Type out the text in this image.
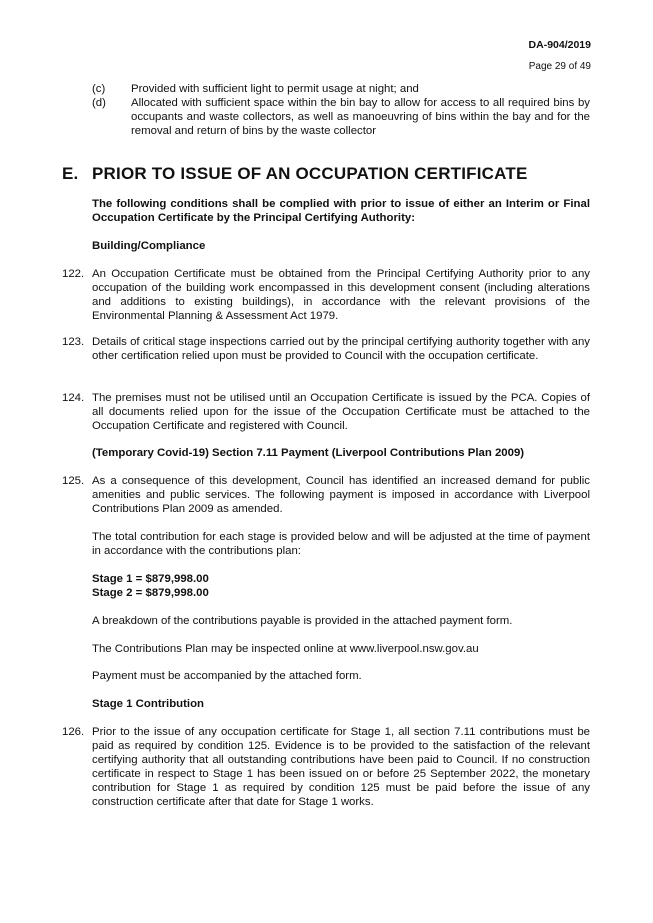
DA-904/2019
Page 29 of 49
(c) Provided with sufficient light to permit usage at night; and
(d) Allocated with sufficient space within the bin bay to allow for access to all required bins by occupants and waste collectors, as well as manoeuvring of bins within the bay and for the removal and return of bins by the waste collector
E. PRIOR TO ISSUE OF AN OCCUPATION CERTIFICATE
The following conditions shall be complied with prior to issue of either an Interim or Final Occupation Certificate by the Principal Certifying Authority:
Building/Compliance
122. An Occupation Certificate must be obtained from the Principal Certifying Authority prior to any occupation of the building work encompassed in this development consent (including alterations and additions to existing buildings), in accordance with the relevant provisions of the Environmental Planning & Assessment Act 1979.
123. Details of critical stage inspections carried out by the principal certifying authority together with any other certification relied upon must be provided to Council with the occupation certificate.
124. The premises must not be utilised until an Occupation Certificate is issued by the PCA. Copies of all documents relied upon for the issue of the Occupation Certificate must be attached to the Occupation Certificate and registered with Council.
(Temporary Covid-19) Section 7.11 Payment (Liverpool Contributions Plan 2009)
125. As a consequence of this development, Council has identified an increased demand for public amenities and public services. The following payment is imposed in accordance with Liverpool Contributions Plan 2009 as amended.
The total contribution for each stage is provided below and will be adjusted at the time of payment in accordance with the contributions plan:
Stage 1 = $879,998.00
Stage 2 = $879,998.00
A breakdown of the contributions payable is provided in the attached payment form.
The Contributions Plan may be inspected online at www.liverpool.nsw.gov.au
Payment must be accompanied by the attached form.
Stage 1 Contribution
126. Prior to the issue of any occupation certificate for Stage 1, all section 7.11 contributions must be paid as required by condition 125. Evidence is to be provided to the satisfaction of the relevant certifying authority that all outstanding contributions have been paid to Council. If no construction certificate in respect to Stage 1 has been issued on or before 25 September 2022, the monetary contribution for Stage 1 as required by condition 125 must be paid before the issue of any construction certificate after that date for Stage 1 works.
